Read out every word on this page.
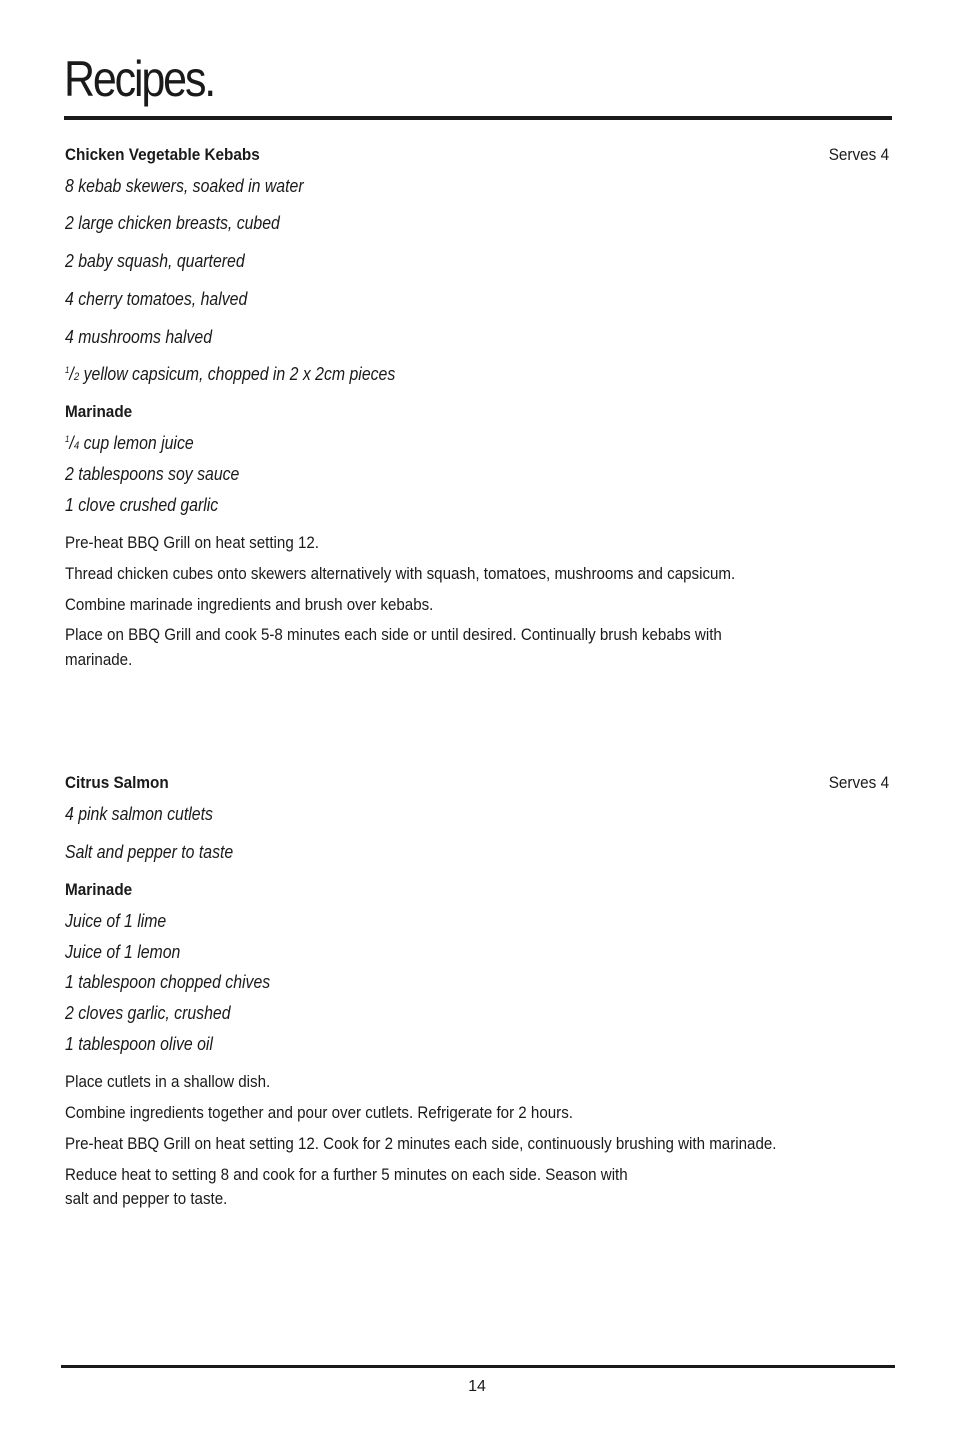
Recipes.
Chicken Vegetable Kebabs	Serves 4
8 kebab skewers, soaked in water
2 large chicken breasts, cubed
2 baby squash, quartered
4 cherry tomatoes, halved
4 mushrooms halved
$^1$/2 yellow capsicum, chopped in 2 x 2cm pieces
Marinade
$^1$/4 cup lemon juice
2 tablespoons soy sauce
1 clove crushed garlic
Pre-heat BBQ Grill on heat setting 12.
Thread chicken cubes onto skewers alternatively with squash, tomatoes, mushrooms and capsicum.
Combine marinade ingredients and brush over kebabs.
Place on BBQ Grill and cook 5-8 minutes each side or until desired. Continually brush kebabs with
marinade.
Citrus Salmon	Serves 4
4 pink salmon cutlets
Salt and pepper to taste
Marinade
Juice of 1 lime
Juice of 1 lemon
1 tablespoon chopped chives
2 cloves garlic, crushed
1 tablespoon olive oil
Place cutlets in a shallow dish.
Combine ingredients together and pour over cutlets. Refrigerate for 2 hours.
Pre-heat BBQ Grill on heat setting 12. Cook for 2 minutes each side, continuously brushing with marinade.
Reduce heat to setting 8 and cook for a further 5 minutes on each side. Season with
salt and pepper to taste.
14
